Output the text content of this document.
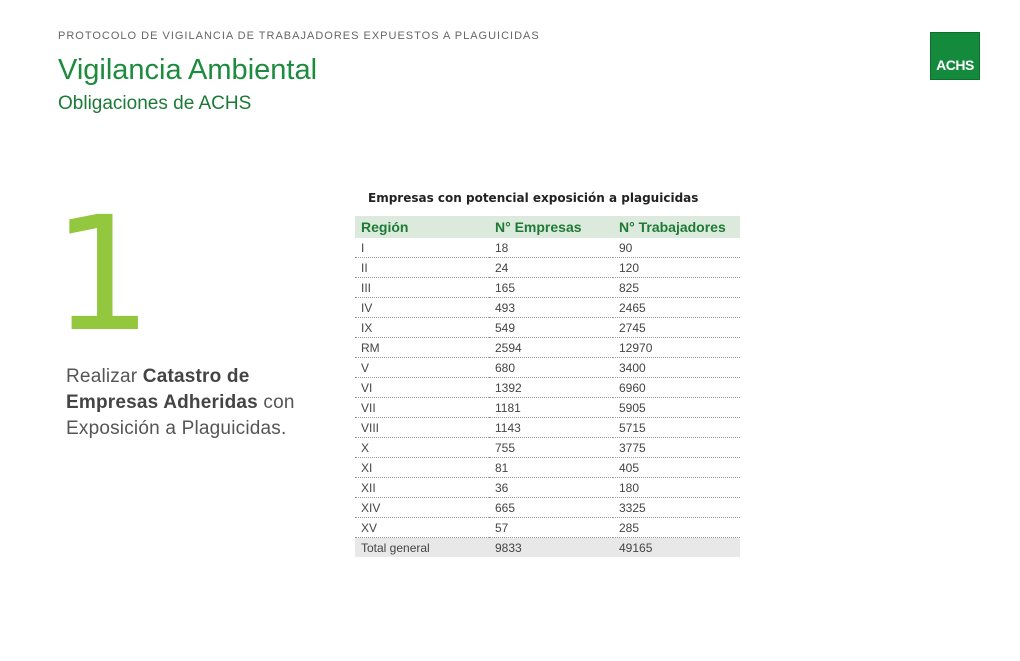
PROTOCOLO DE VIGILANCIA DE TRABAJADORES EXPUESTOS A PLAGUICIDAS
Vigilancia Ambiental
Obligaciones de ACHS
ACHS
1
Realizar Catastro de Empresas Adheridas con Exposición a Plaguicidas.
Empresas con potencial exposición a plaguicidas
Región	N° Empresas	N° Trabajadores
I	18	90
II	24	120
III	165	825
IV	493	2465
IX	549	2745
RM	2594	12970
V	680	3400
VI	1392	6960
VII	1181	5905
VIII	1143	5715
X	755	3775
XI	81	405
XII	36	180
XIV	665	3325
XV	57	285
Total general	9833	49165
